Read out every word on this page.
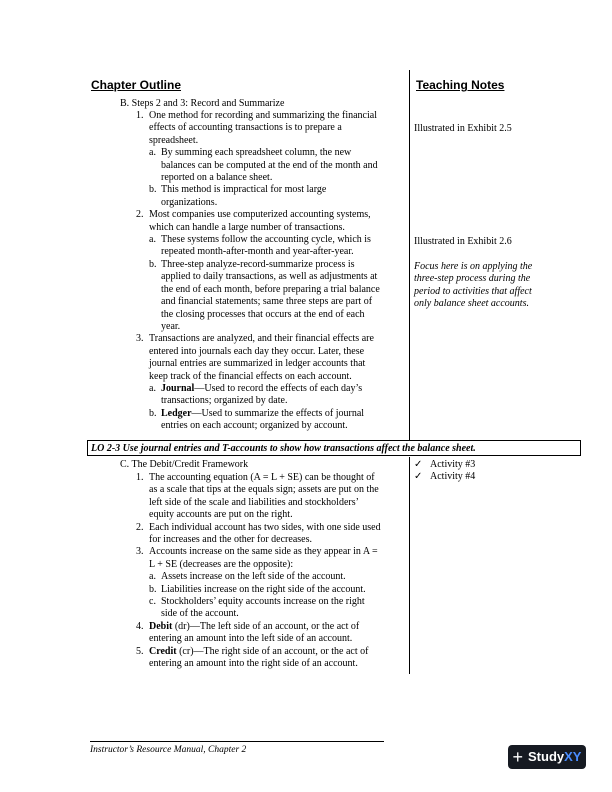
Chapter Outline	Teaching Notes
B. Steps 2 and 3: Record and Summarize
1. One method for recording and summarizing the financial
effects of accounting transactions is to prepare a
spreadsheet.
a. By summing each spreadsheet column, the new
balances can be computed at the end of the month and
reported on a balance sheet.
b. This method is impractical for most large
organizations.
2. Most companies use computerized accounting systems,
which can handle a large number of transactions.
a. These systems follow the accounting cycle, which is
repeated month-after-month and year-after-year.
b. Three-step analyze-record-summarize process is
applied to daily transactions, as well as adjustments at
the end of each month, before preparing a trial balance
and financial statements; same three steps are part of
the closing processes that occurs at the end of each
year.
3. Transactions are analyzed, and their financial effects are
entered into journals each day they occur. Later, these
journal entries are summarized in ledger accounts that
keep track of the financial effects on each account.
a. Journal—Used to record the effects of each day’s
transactions; organized by date.
b. Ledger—Used to summarize the effects of journal
entries on each account; organized by account.
Illustrated in Exhibit 2.5
Illustrated in Exhibit 2.6
Focus here is on applying the
three-step process during the
period to activities that affect
only balance sheet accounts.
LO 2-3 Use journal entries and T-accounts to show how transactions affect the balance sheet.
C. The Debit/Credit Framework
1. The accounting equation (A = L + SE) can be thought of
as a scale that tips at the equals sign; assets are put on the
left side of the scale and liabilities and stockholders’
equity accounts are put on the right.
2. Each individual account has two sides, with one side used
for increases and the other for decreases.
3. Accounts increase on the same side as they appear in A =
L + SE (decreases are the opposite):
a. Assets increase on the left side of the account.
b. Liabilities increase on the right side of the account.
c. Stockholders’ equity accounts increase on the right
side of the account.
4. Debit (dr)—The left side of an account, or the act of
entering an amount into the left side of an account.
5. Credit (cr)—The right side of an account, or the act of
entering an amount into the right side of an account.
✓ Activity #3
✓ Activity #4
Instructor’s Resource Manual, Chapter 2	+ StudyXY
